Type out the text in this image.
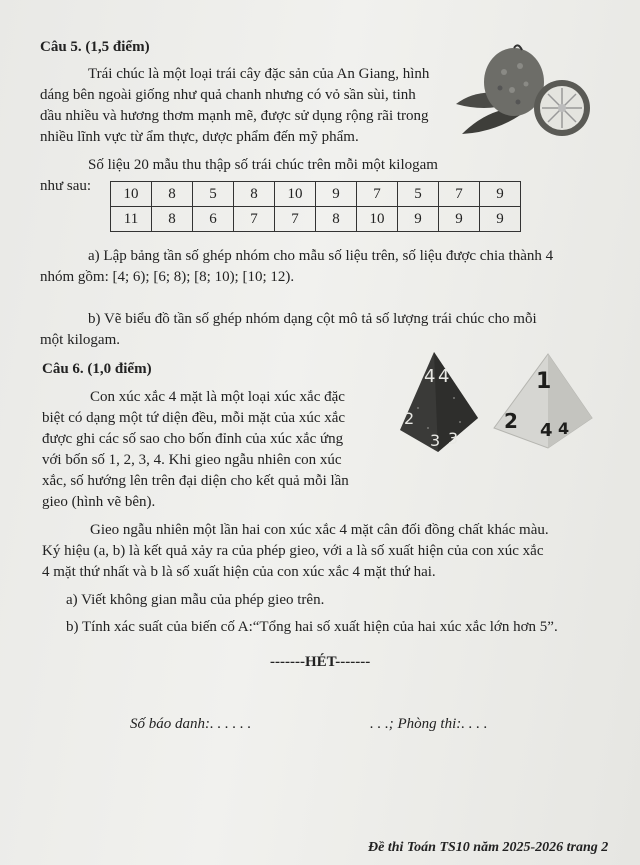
Câu 5. (1,5 điểm)
Trái chúc là một loại trái cây đặc sản của An Giang, hình
dáng bên ngoài giống như quả chanh nhưng có vỏ sần sùi, tinh
dầu nhiều và hương thơm mạnh mẽ, được sử dụng rộng rãi trong
nhiều lĩnh vực từ ẩm thực, dược phẩm đến mỹ phẩm.
Số liệu 20 mẫu thu thập số trái chúc trên mỗi một kilogam
như sau: 10	8	5	8	10	9	7	5	7	9
11	8	6	7	7	8	10	9	9	9
a) Lập bảng tần số ghép nhóm cho mẫu số liệu trên, số liệu được chia thành 4
nhóm gồm: [4; 6); [6; 8); [8; 10); [10; 12).
b) Vẽ biểu đồ tần số ghép nhóm dạng cột mô tả số lượng trái chúc cho mỗi
một kilogam.
Câu 6. (1,0 điểm)
Con xúc xắc 4 mặt là một loại xúc xắc đặc
biệt có dạng một tứ diện đều, mỗi mặt của xúc xắc
được ghi các số sao cho bốn đỉnh của xúc xắc ứng
với bốn số 1, 2, 3, 4. Khi gieo ngẫu nhiên con xúc
xắc, số hướng lên trên đại diện cho kết quả mỗi lần
gieo (hình vẽ bên).
4 4
2
3 3
1
2 4 4
Gieo ngẫu nhiên một lần hai con xúc xắc 4 mặt cân đối đồng chất khác màu.
Ký hiệu (a, b) là kết quả xảy ra của phép gieo, với a là số xuất hiện của con xúc xắc
4 mặt thứ nhất và b là số xuất hiện của con xúc xắc 4 mặt thứ hai.
a) Viết không gian mẫu của phép gieo trên.
b) Tính xác suất của biến cố A:“Tổng hai số xuất hiện của hai xúc xắc lớn hơn 5”.
-------HÉT-------
Số báo danh:. . . . . .	. . .; Phòng thi:. . . .
Đề thi Toán TS10 năm 2025-2026 trang 2
